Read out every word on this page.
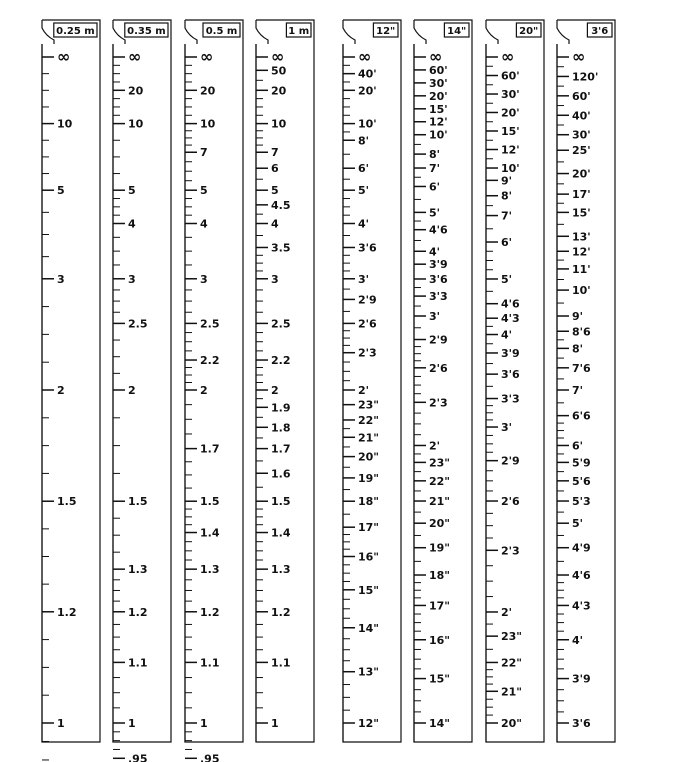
0.25 m
∞
10
5
3
2
1.5
1.2
1
0.35 m
∞
20
10
5
4
3
2.5
2
1.5
1.3
1.2
1.1
1
.95
0.5 m
∞
20
10
7
5
4
3
2.5
2.2
2
1.7
1.5
1.4
1.3
1.2
1.1
1
.95
1 m
∞
50
20
10
7
6
5
4.5
4
3.5
3
2.5
2.2
2
1.9
1.8
1.7
1.6
1.5
1.4
1.3
1.2
1.1
1
12"
∞
40'
20'
10'
8'
6'
5'
4'
3'6
3'
2'9
2'6
2'3
2'
23"
22"
21"
20"
19"
18"
17"
16"
15"
14"
13"
12"
14"
∞
60'
30'
20'
15'
12'
10'
8'
7'
6'
5'
4'6
4'
3'9
3'6
3'3
3'
2'9
2'6
2'3
2'
23"
22"
21"
20"
19"
18"
17"
16"
15"
14"
20"
∞
60'
30'
20'
15'
12'
10'
9'
8'
7'
6'
5'
4'6
4'3
4'
3'9
3'6
3'3
3'
2'9
2'6
2'3
2'
23"
22"
21"
20"
3'6
∞
120'
60'
40'
30'
25'
20'
17'
15'
13'
12'
11'
10'
9'
8'6
8'
7'6
7'
6'6
6'
5'9
5'6
5'3
5'
4'9
4'6
4'3
4'
3'9
3'6
